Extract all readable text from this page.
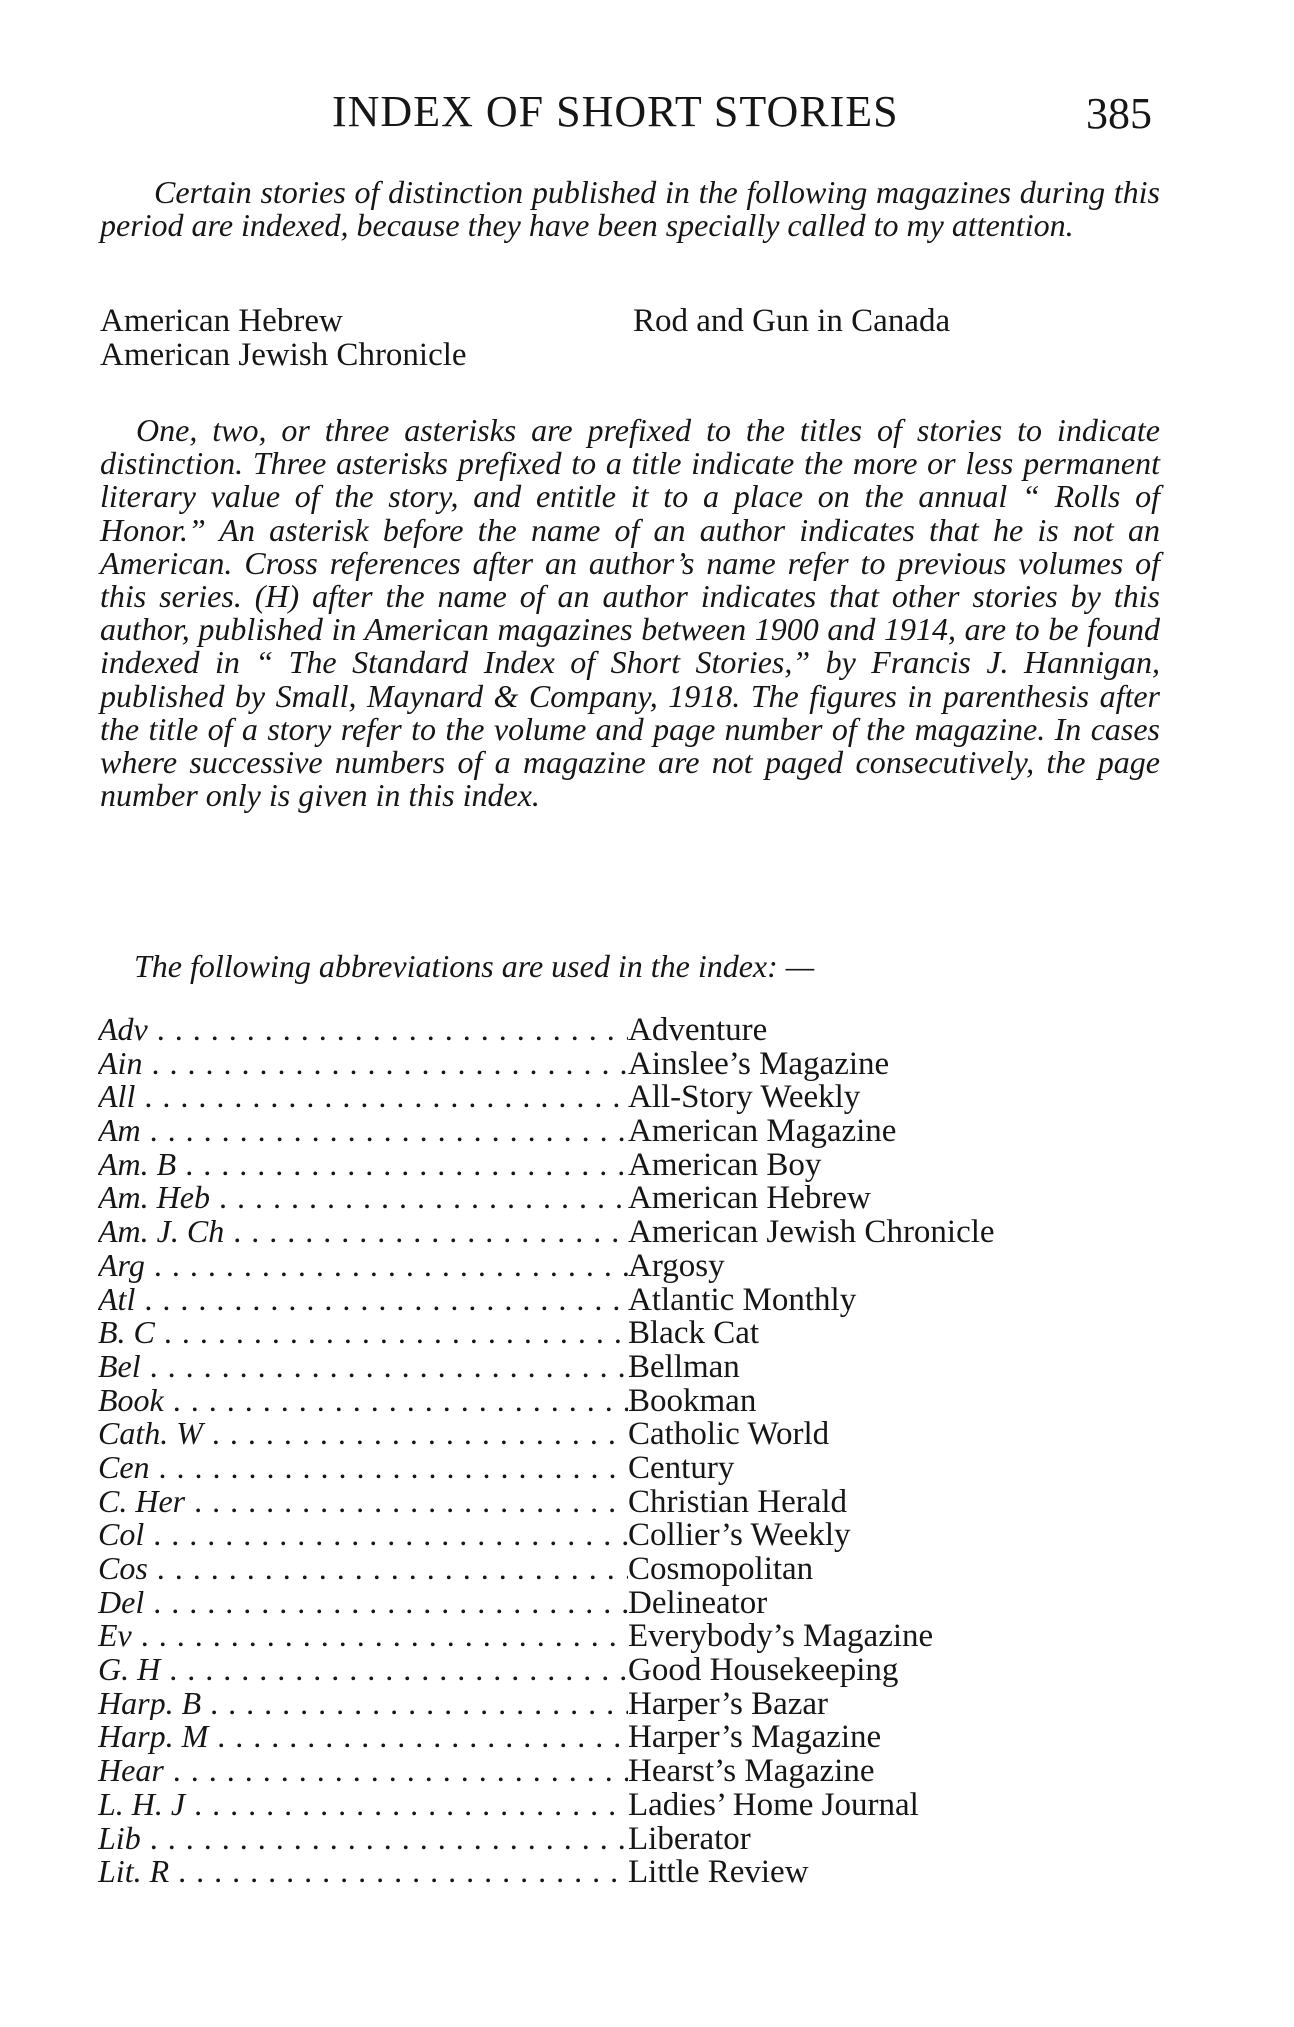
INDEX OF SHORT STORIES	385

Certain stories of distinction published in the following magazines during this period are indexed, because they have been specially called to my attention.

American Hebrew
American Jewish Chronicle
Rod and Gun in Canada

One, two, or three asterisks are prefixed to the titles of stories to indicate distinction. Three asterisks prefixed to a title indicate the more or less permanent literary value of the story, and entitle it to a place on the annual “ Rolls of Honor.” An asterisk before the name of an author indicates that he is not an American. Cross references after an author’s name refer to previous volumes of this series. (H) after the name of an author indicates that other stories by this author, published in American magazines between 1900 and 1914, are to be found indexed in “ The Standard Index of Short Stories,” by Francis J. Hannigan, published by Small, Maynard & Company, 1918. The figures in parenthesis after the title of a story refer to the volume and page number of the magazine. In cases where successive numbers of a magazine are not paged consecutively, the page number only is given in this index.

The following abbreviations are used in the index: —
Adv . . .	Adventure
Ain . . .	Ainslee’s Magazine
All . . .	All-Story Weekly
Am . . .	American Magazine
Am. B . . .	American Boy
Am. Heb . . .	American Hebrew
Am. J. Ch . . .	American Jewish Chronicle
Arg . . .	Argosy
Atl . . .	Atlantic Monthly
B. C . . .	Black Cat
Bel . . .	Bellman
Book . . .	Bookman
Cath. W . . .	Catholic World
Cen . . .	Century
C. Her . . .	Christian Herald
Col . . .	Collier’s Weekly
Cos . . .	Cosmopolitan
Del . . .	Delineator
Ev . . .	Everybody’s Magazine
G. H . . .	Good Housekeeping
Harp. B . . .	Harper’s Bazar
Harp. M . . .	Harper’s Magazine
Hear . . .	Hearst’s Magazine
L. H. J . . .	Ladies’ Home Journal
Lib . . .	Liberator
Lit. R . . .	Little Review
